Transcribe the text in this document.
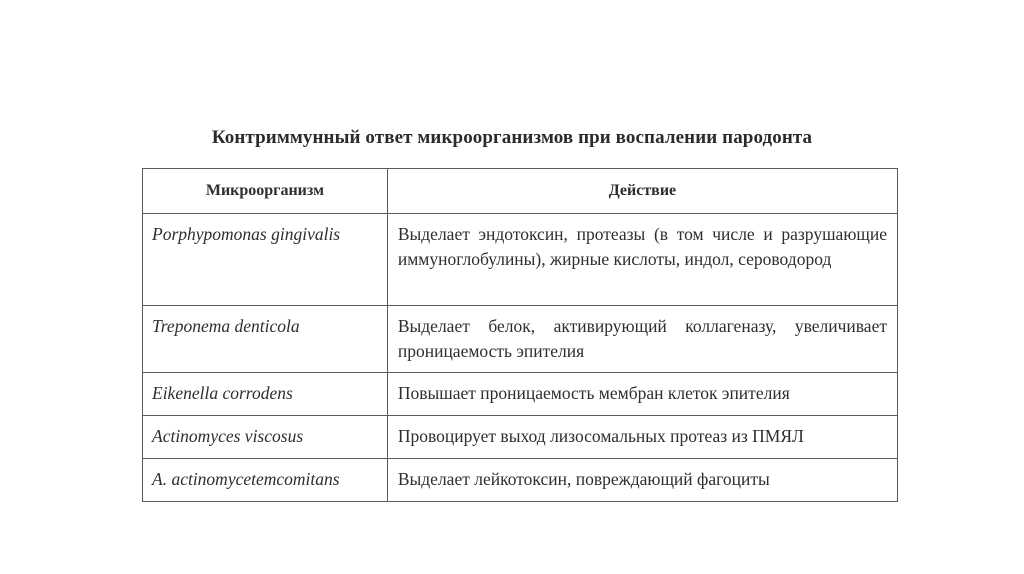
Контриммунный ответ микроорганизмов при воспалении пародонта
Микроорганизм	Действие
Porphypomonas gingivalis	Выделает эндотоксин, протеазы (в том числе и разрушающие иммуноглобулины), жирные кислоты, индол, сероводород
Treponema denticola	Выделает белок, активирующий коллагеназу, увеличивает проницаемость эпителия
Eikenella corrodens	Повышает проницаемость мембран клеток эпителия
Actinomyces viscosus	Провоцирует выход лизосомальных протеаз из ПМЯЛ
A. actinomycetemcomitans	Выделает лейкотоксин, повреждающий фагоциты
